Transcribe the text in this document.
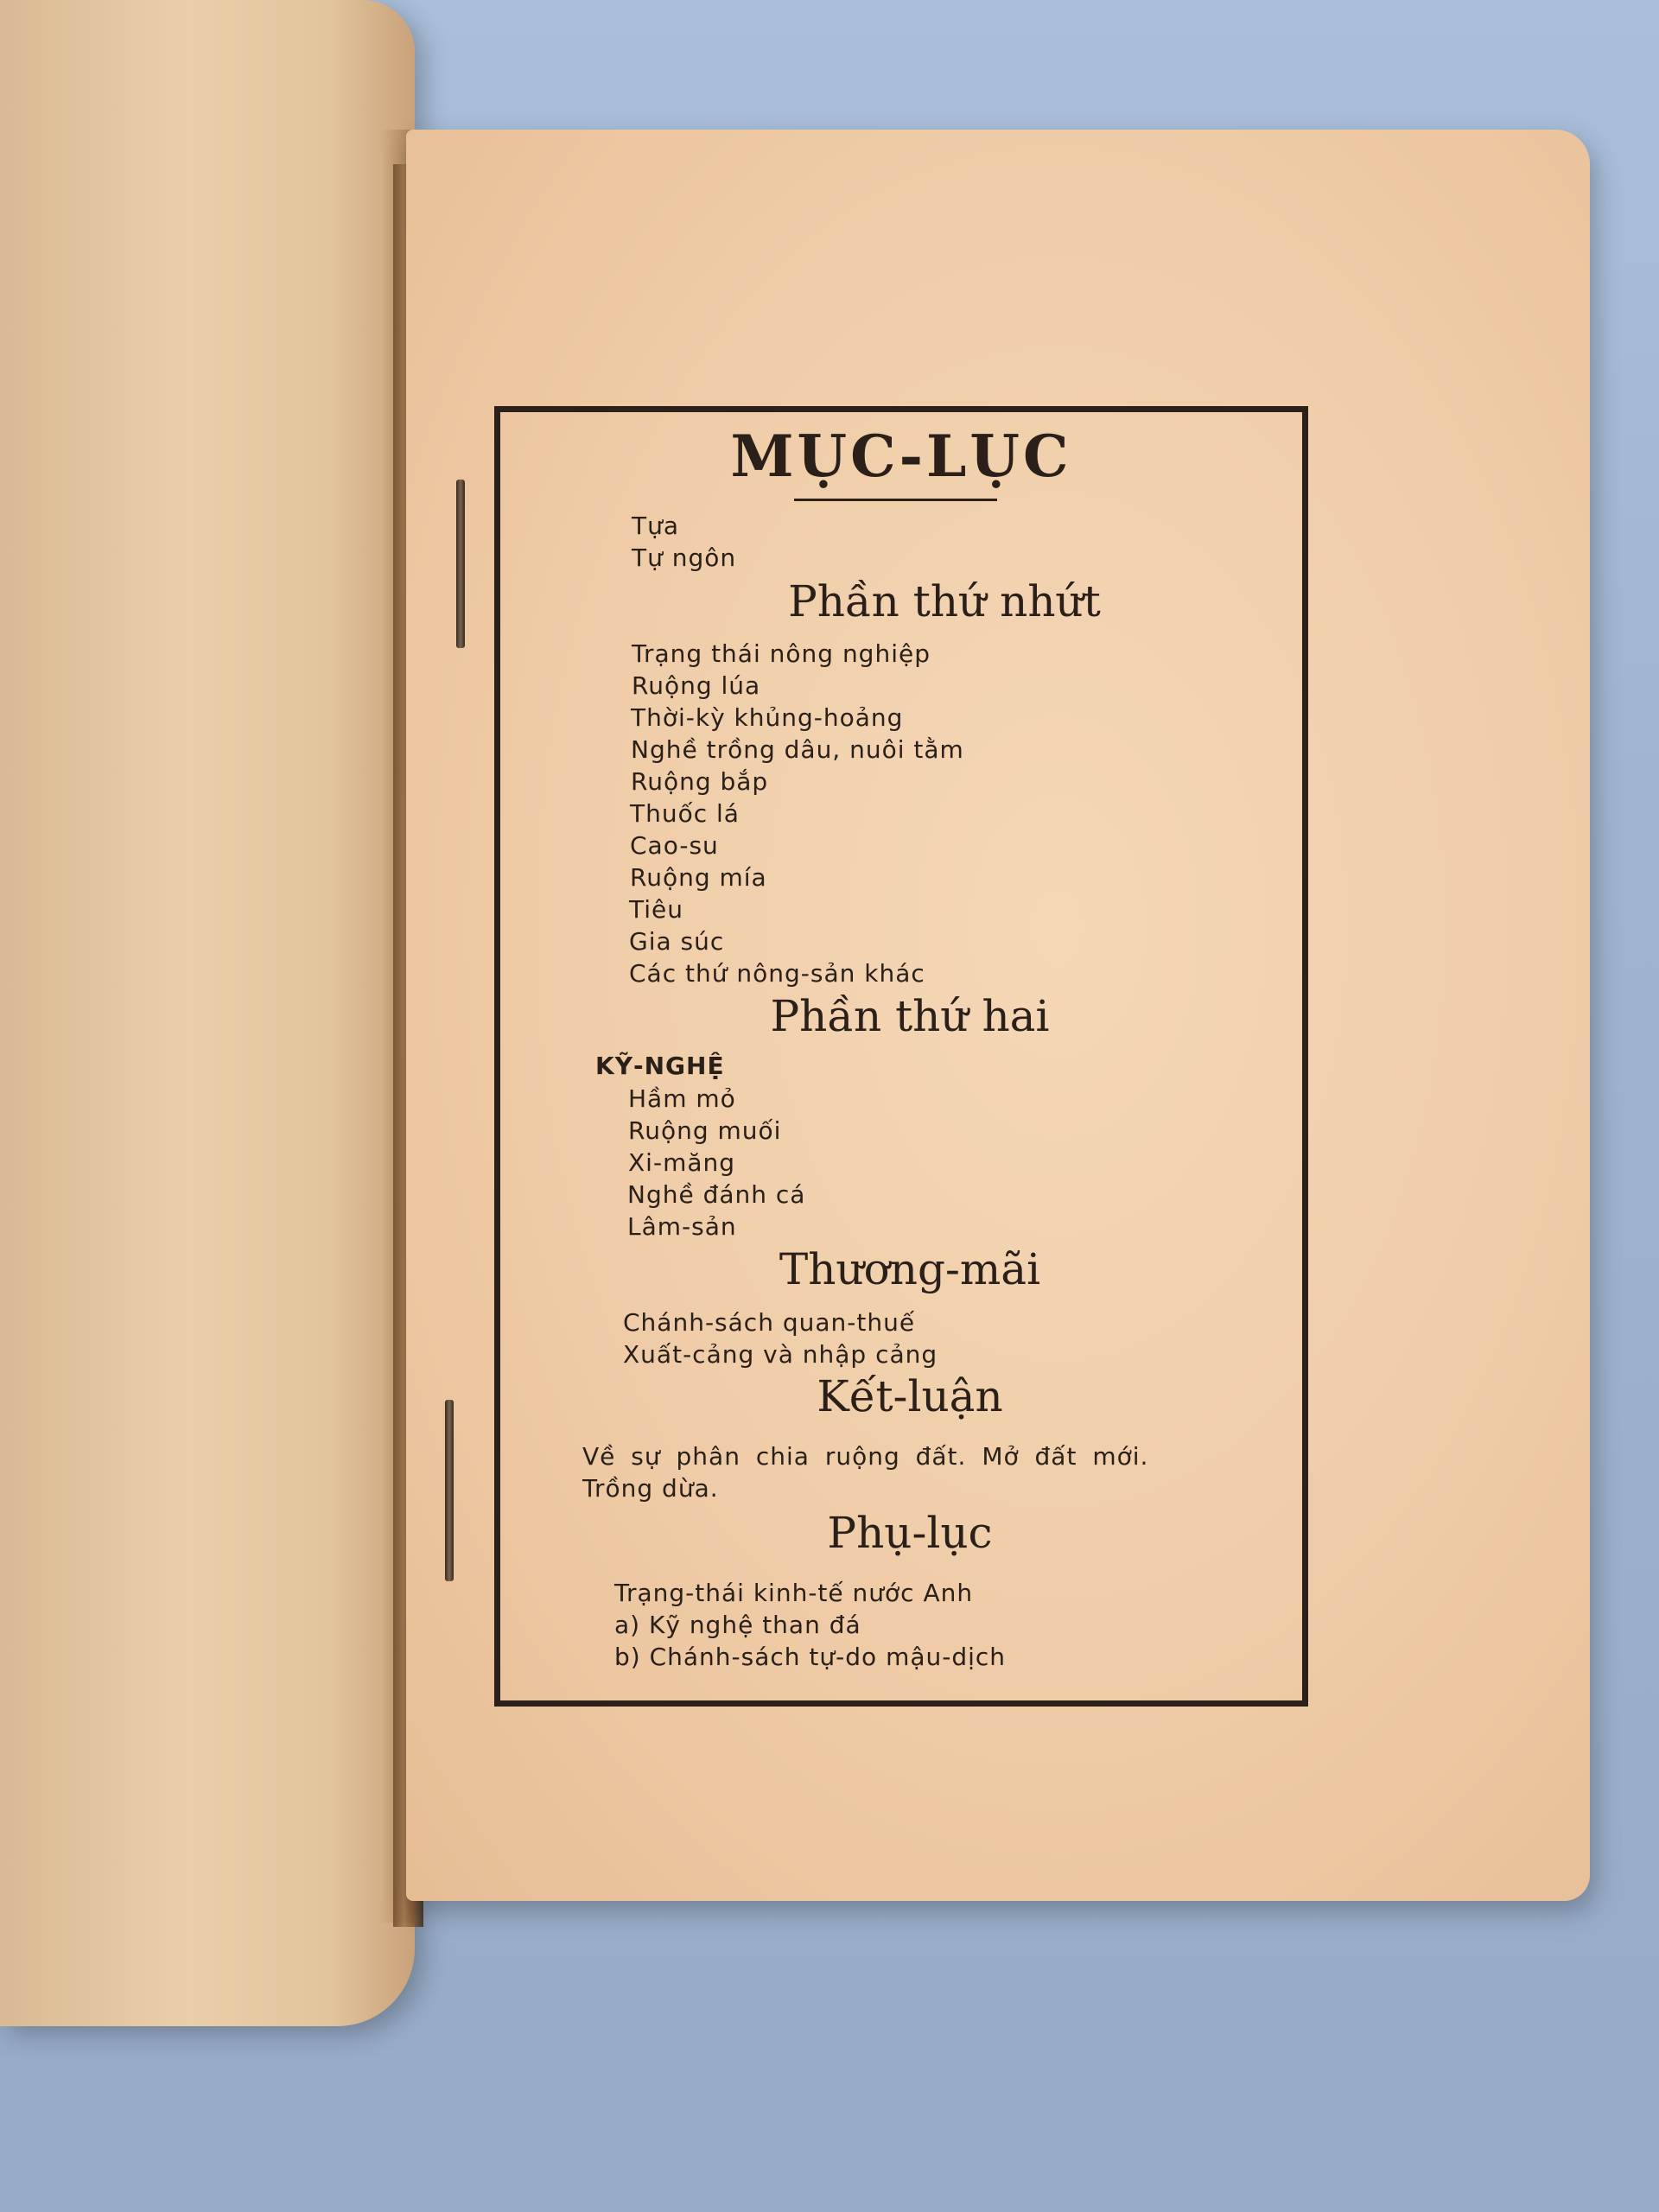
MỤC-LỤC
Tựa
Tự ngôn
Phần thứ nhứt
Trạng thái nông nghiệp
Ruộng lúa
Thời-kỳ khủng-hoảng
Nghề trồng dâu, nuôi tằm
Ruộng bắp
Thuốc lá
Cao-su
Ruộng mía
Tiêu
Gia súc
Các thứ nông-sản khác
Phần thứ hai
KỸ-NGHỆ
Hầm mỏ
Ruộng muối
Xi-măng
Nghề đánh cá
Lâm-sản
Thương-mãi
Chánh-sách quan-thuế
Xuất-cảng và nhập cảng
Kết-luận
Về sự phân chia ruộng đất. Mở đất mới.
Trồng dừa.
Phụ-lục
Trạng-thái kinh-tế nước Anh
a) Kỹ nghệ than đá
b) Chánh-sách tự-do mậu-dịch
